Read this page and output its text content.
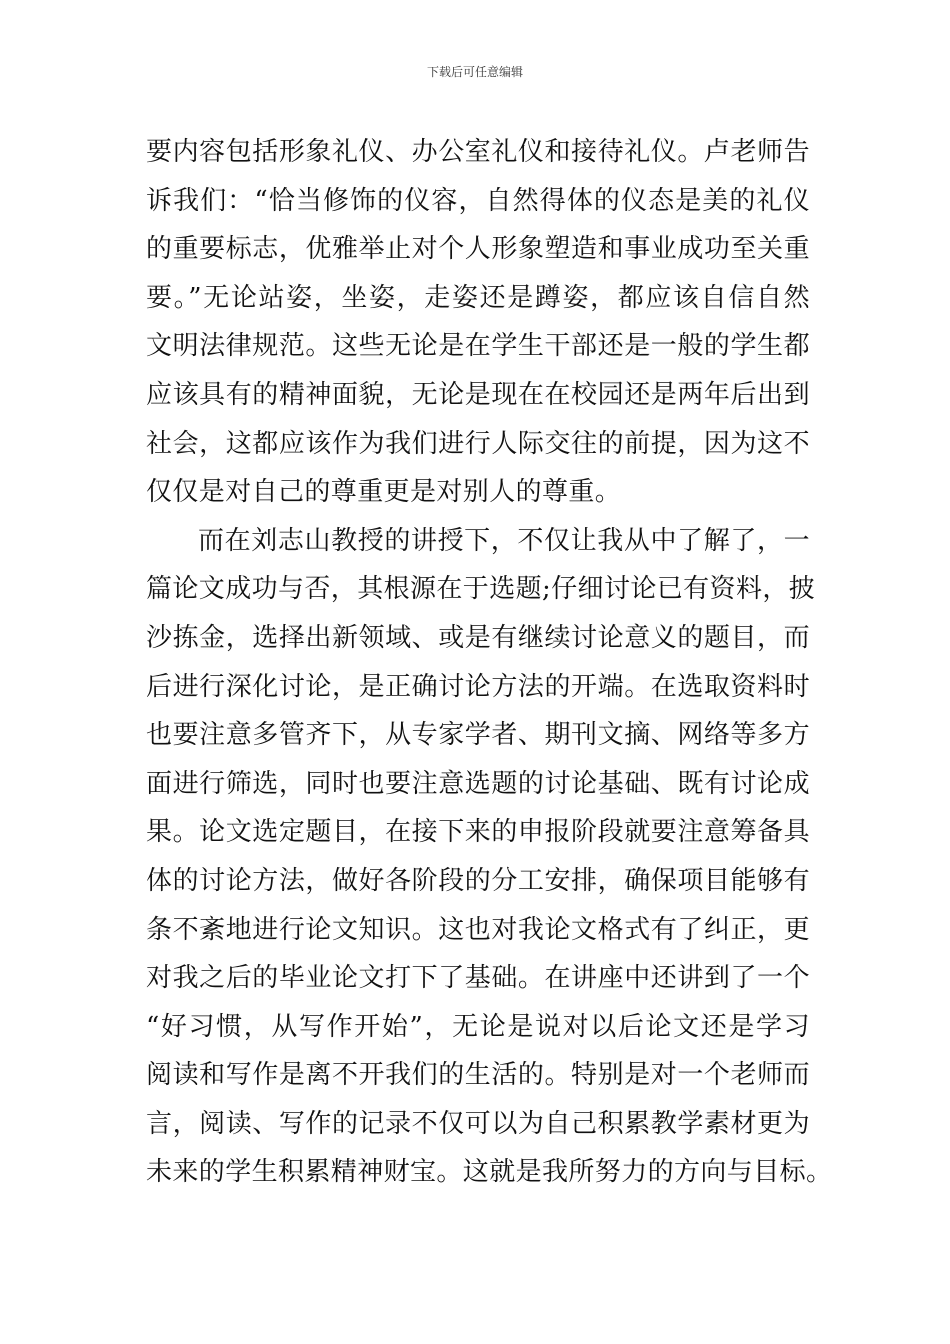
下载后可任意编辑
要内容包括形象礼仪、办公室礼仪和接待礼仪。卢老师告
诉我们：“恰当修饰的仪容，自然得体的仪态是美的礼仪
的重要标志，优雅举止对个人形象塑造和事业成功至关重
要。”无论站姿，坐姿，走姿还是蹲姿，都应该自信自然
文明法律规范。这些无论是在学生干部还是一般的学生都
应该具有的精神面貌，无论是现在在校园还是两年后出到
社会，这都应该作为我们进行人际交往的前提，因为这不
仅仅是对自己的尊重更是对别人的尊重。
而在刘志山教授的讲授下，不仅让我从中了解了，一
篇论文成功与否，其根源在于选题;仔细讨论已有资料，披
沙拣金，选择出新领域、或是有继续讨论意义的题目，而
后进行深化讨论，是正确讨论方法的开端。在选取资料时
也要注意多管齐下，从专家学者、期刊文摘、网络等多方
面进行筛选，同时也要注意选题的讨论基础、既有讨论成
果。论文选定题目，在接下来的申报阶段就要注意筹备具
体的讨论方法，做好各阶段的分工安排，确保项目能够有
条不紊地进行论文知识。这也对我论文格式有了纠正，更
对我之后的毕业论文打下了基础。在讲座中还讲到了一个
“好习惯，从写作开始”，无论是说对以后论文还是学习
阅读和写作是离不开我们的生活的。特别是对一个老师而
言，阅读、写作的记录不仅可以为自己积累教学素材更为
未来的学生积累精神财宝。这就是我所努力的方向与目标。
